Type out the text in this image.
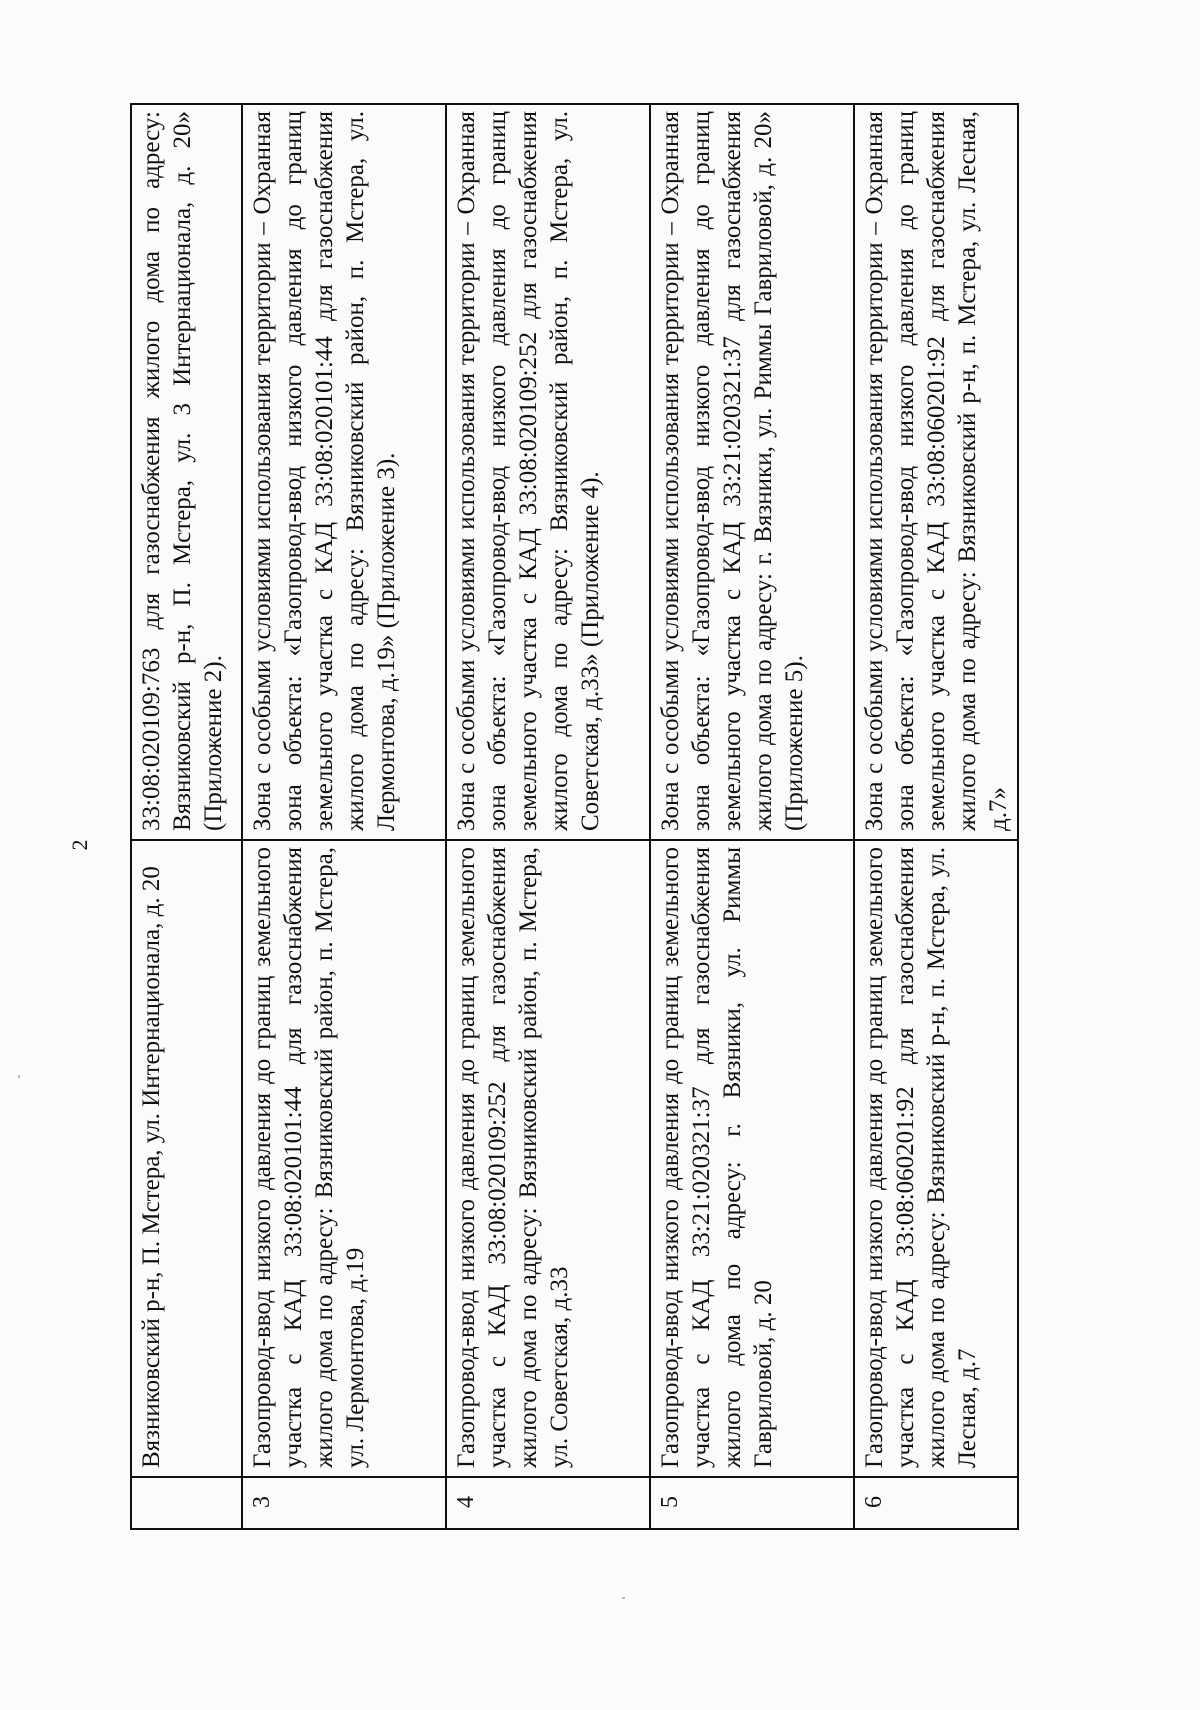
2
	Вязниковский р-н, П. Мстера, ул. Интернационала, д. 20	33:08:020109:763 для газоснабжения жилого дома по адресу: Вязниковский р-н, П. Мстера, ул. 3 Интернационала, д. 20» (Приложение 2).
3	Газопровод-ввод низкого давления до границ земельного участка с КАД 33:08:020101:44 для газоснабжения жилого дома по адресу: Вязниковский район, п. Мстера, ул. Лермонтова, д.19	Зона с особыми условиями использования территории – Охранная зона объекта: «Газопровод-ввод низкого давления до границ земельного участка с КАД 33:08:020101:44 для газоснабжения жилого дома по адресу: Вязниковский район, п. Мстера, ул. Лермонтова, д.19» (Приложение 3).
4	Газопровод-ввод низкого давления до границ земельного участка с КАД 33:08:020109:252 для газоснабжения жилого дома по адресу: Вязниковский район, п. Мстера, ул. Советская, д.33	Зона с особыми условиями использования территории – Охранная зона объекта: «Газопровод-ввод низкого давления до границ земельного участка с КАД 33:08:020109:252 для газоснабжения жилого дома по адресу: Вязниковский район, п. Мстера, ул. Советская, д.33» (Приложение 4).
5	Газопровод-ввод низкого давления до границ земельного участка с КАД 33:21:020321:37 для газоснабжения жилого дома по адресу: г. Вязники, ул. Риммы Гавриловой, д. 20	Зона с особыми условиями использования территории – Охранная зона объекта: «Газопровод-ввод низкого давления до границ земельного участка с КАД 33:21:020321:37 для газоснабжения жилого дома по адресу: г. Вязники, ул. Риммы Гавриловой, д. 20» (Приложение 5).
6	Газопровод-ввод низкого давления до границ земельного участка с КАД 33:08:060201:92 для газоснабжения жилого дома по адресу: Вязниковский р-н, п. Мстера, ул. Лесная, д.7	Зона с особыми условиями использования территории – Охранная зона объекта: «Газопровод-ввод низкого давления до границ земельного участка с КАД 33:08:060201:92 для газоснабжения жилого дома по адресу: Вязниковский р-н, п. Мстера, ул. Лесная, д.7»
